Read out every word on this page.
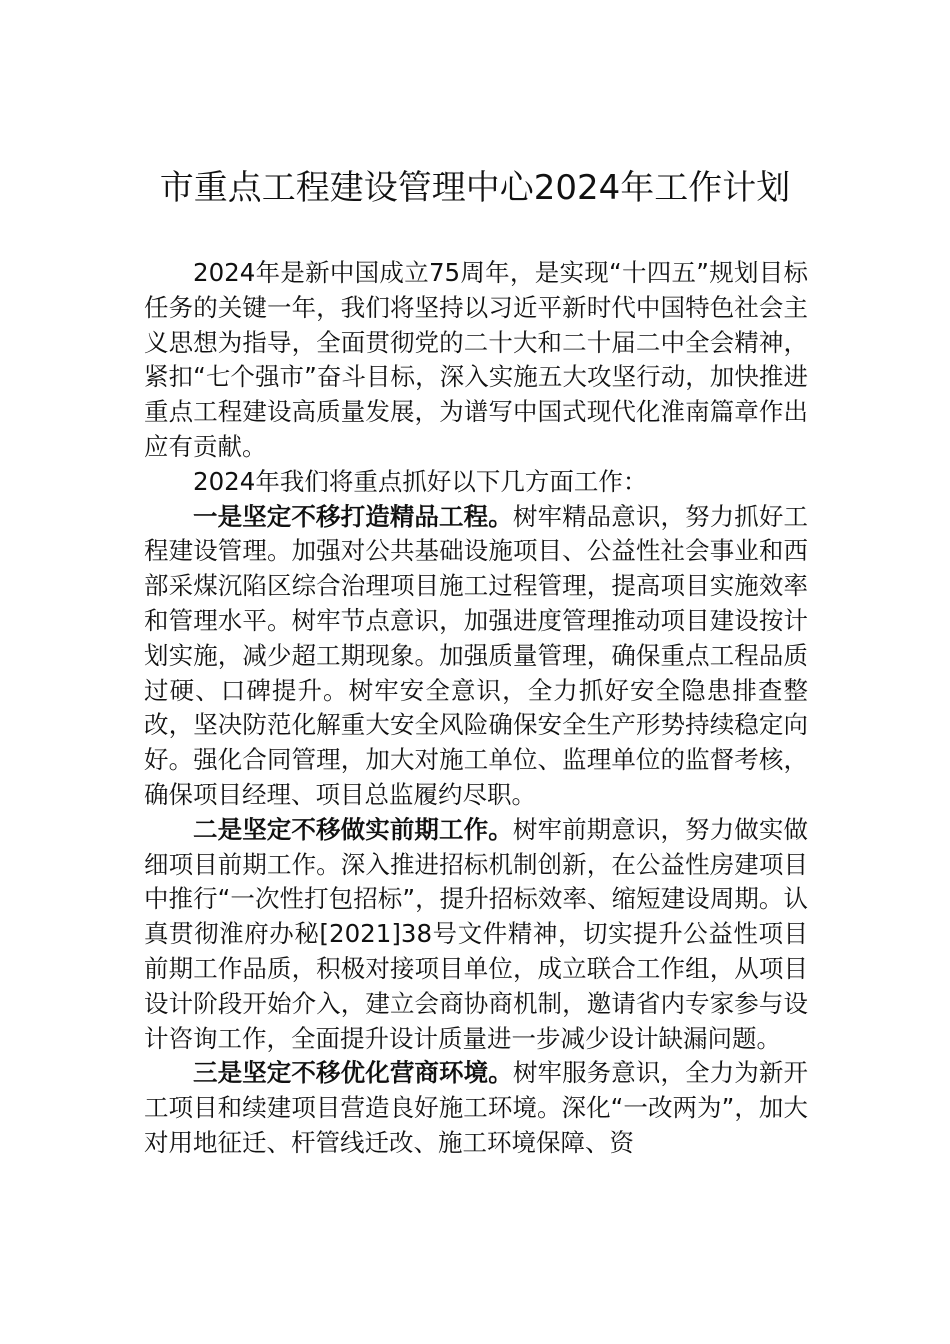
市重点工程建设管理中心2024年工作计划

2024年是新中国成立75周年，是实现“十四五”规划目标任务的关键一年，我们将坚持以习近平新时代中国特色社会主义思想为指导，全面贯彻党的二十大和二十届二中全会精神，紧扣“七个强市”奋斗目标，深入实施五大攻坚行动，加快推进重点工程建设高质量发展，为谱写中国式现代化淮南篇章作出应有贡献。

2024年我们将重点抓好以下几方面工作：

一是坚定不移打造精品工程。树牢精品意识，努力抓好工程建设管理。加强对公共基础设施项目、公益性社会事业和西部采煤沉陷区综合治理项目施工过程管理，提高项目实施效率和管理水平。树牢节点意识，加强进度管理推动项目建设按计划实施，减少超工期现象。加强质量管理，确保重点工程品质过硬、口碑提升。树牢安全意识，全力抓好安全隐患排查整改，坚决防范化解重大安全风险确保安全生产形势持续稳定向好。强化合同管理，加大对施工单位、监理单位的监督考核，确保项目经理、项目总监履约尽职。

二是坚定不移做实前期工作。树牢前期意识，努力做实做细项目前期工作。深入推进招标机制创新，在公益性房建项目中推行“一次性打包招标”，提升招标效率、缩短建设周期。认真贯彻淮府办秘[2021]38号文件精神，切实提升公益性项目前期工作品质，积极对接项目单位，成立联合工作组，从项目设计阶段开始介入，建立会商协商机制，邀请省内专家参与设计咨询工作，全面提升设计质量进一步减少设计缺漏问题。

三是坚定不移优化营商环境。树牢服务意识，全力为新开工项目和续建项目营造良好施工环境。深化“一改两为”，加大对用地征迁、杆管线迁改、施工环境保障、资
